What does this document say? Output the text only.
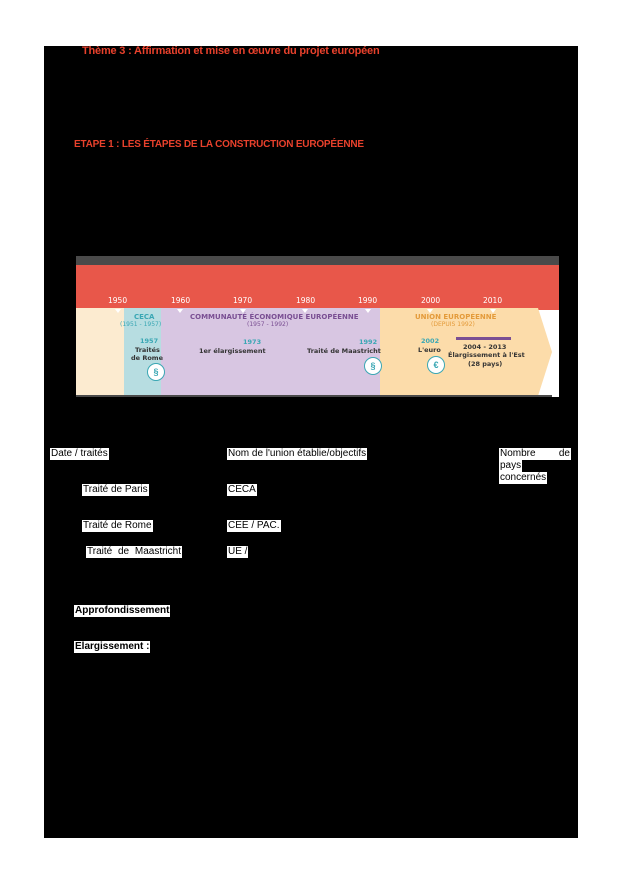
Thème 3 : Affirmation et mise en œuvre du projet européen
ETAPE 1 : LES ÉTAPES DE LA CONSTRUCTION EUROPÉENNE
1950	1960	1970	1980	1990	2000	2010
CECA
(1951 - 1957)
1957
Traités
de Rome
§
COMMUNAUTÉ ÉCONOMIQUE EUROPÉENNE
(1957 - 1992)
1973
1er élargissement
1992
Traité de Maastricht
§
UNION EUROPÉENNE
(DEPUIS 1992)
2002
L'euro
€
2004 - 2013
Élargissement à l'Est
(28 pays)
Date / traités	Nom de l'union établie/objectifs	Nombre de
pays
concernés
Traité de Paris	CECA
Traité de Rome	CEE / PAC.
Traité de Maastricht	UE /
Approfondissement
Elargissement :
